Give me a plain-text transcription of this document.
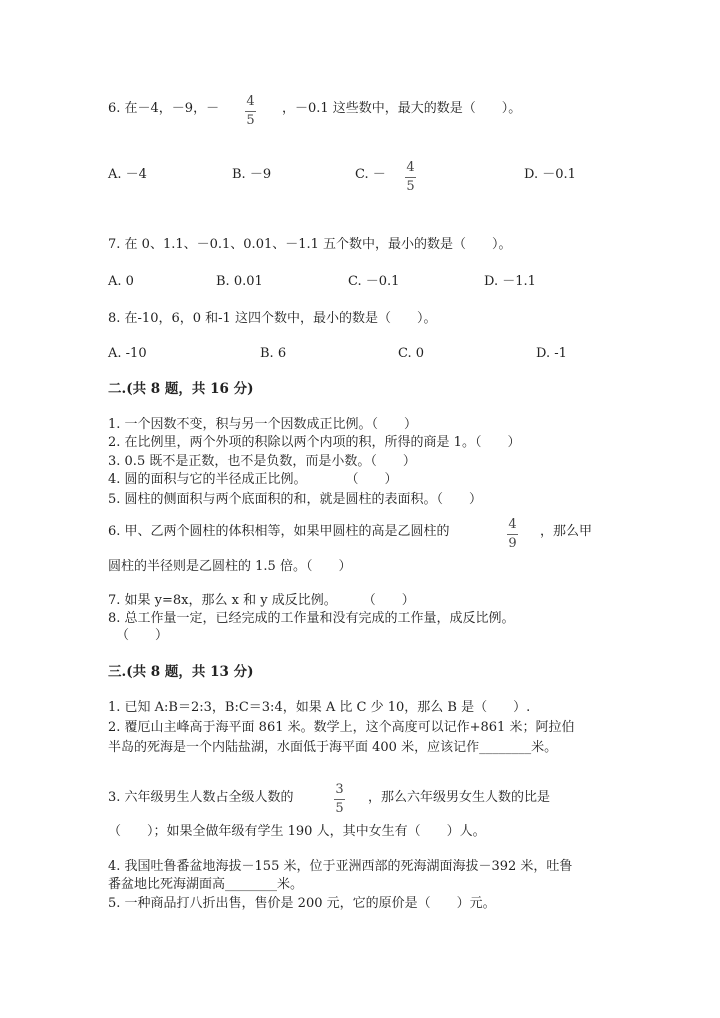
6. 在－4，－9，－ 4
5
，－0.1 这些数中，最大的数是（　　）。
A. －4	B. －9	C. － 4
5
D. －0.1
7. 在 0、1.1、－0.1、0.01、－1.1 五个数中，最小的数是（　　）。
A. 0	B. 0.01	C. －0.1	D. －1.1
8. 在-10，6，0 和-1 这四个数中，最小的数是（　　）。
A. -10	B. 6	C. 0	D. -1
二.(共 8 题，共 16 分)
1. 一个因数不变，积与另一个因数成正比例。（　　）
2. 在比例里，两个外项的积除以两个内项的积，所得的商是 1。（　　）
3. 0.5 既不是正数，也不是负数，而是小数。（　　）
4. 圆的面积与它的半径成正比例。　　　　（　　）
5. 圆柱的侧面积与两个底面积的和，就是圆柱的表面积。（　　）
6. 甲、乙两个圆柱的体积相等，如果甲圆柱的高是乙圆柱的	4
9
，那么甲
圆柱的半径则是乙圆柱的 1.5 倍。（　　）
7. 如果 y=8x，那么 x 和 y 成反比例。　　　（　　）
8. 总工作量一定，已经完成的工作量和没有完成的工作量，成反比例。
（　　）
三.(共 8 题，共 13 分)
1. 已知 A:B＝2:3，B:C＝3:4，如果 A 比 C 少 10，那么 B 是（　　）.
2. 覆厄山主峰高于海平面 861 米。数学上，这个高度可以记作+861 米；阿拉伯
半岛的死海是一个内陆盐湖，水面低于海平面 400 米，应该记作________米。
3. 六年级男生人数占全级人数的
3
5
，那么六年级男女生人数的比是
（　　）；如果全做年级有学生 190 人，其中女生有（　　）人。
4. 我国吐鲁番盆地海拔－155 米，位于亚洲西部的死海湖面海拔－392 米，吐鲁
番盆地比死海湖面高________米。
5. 一种商品打八折出售，售价是 200 元，它的原价是（　　）元。
